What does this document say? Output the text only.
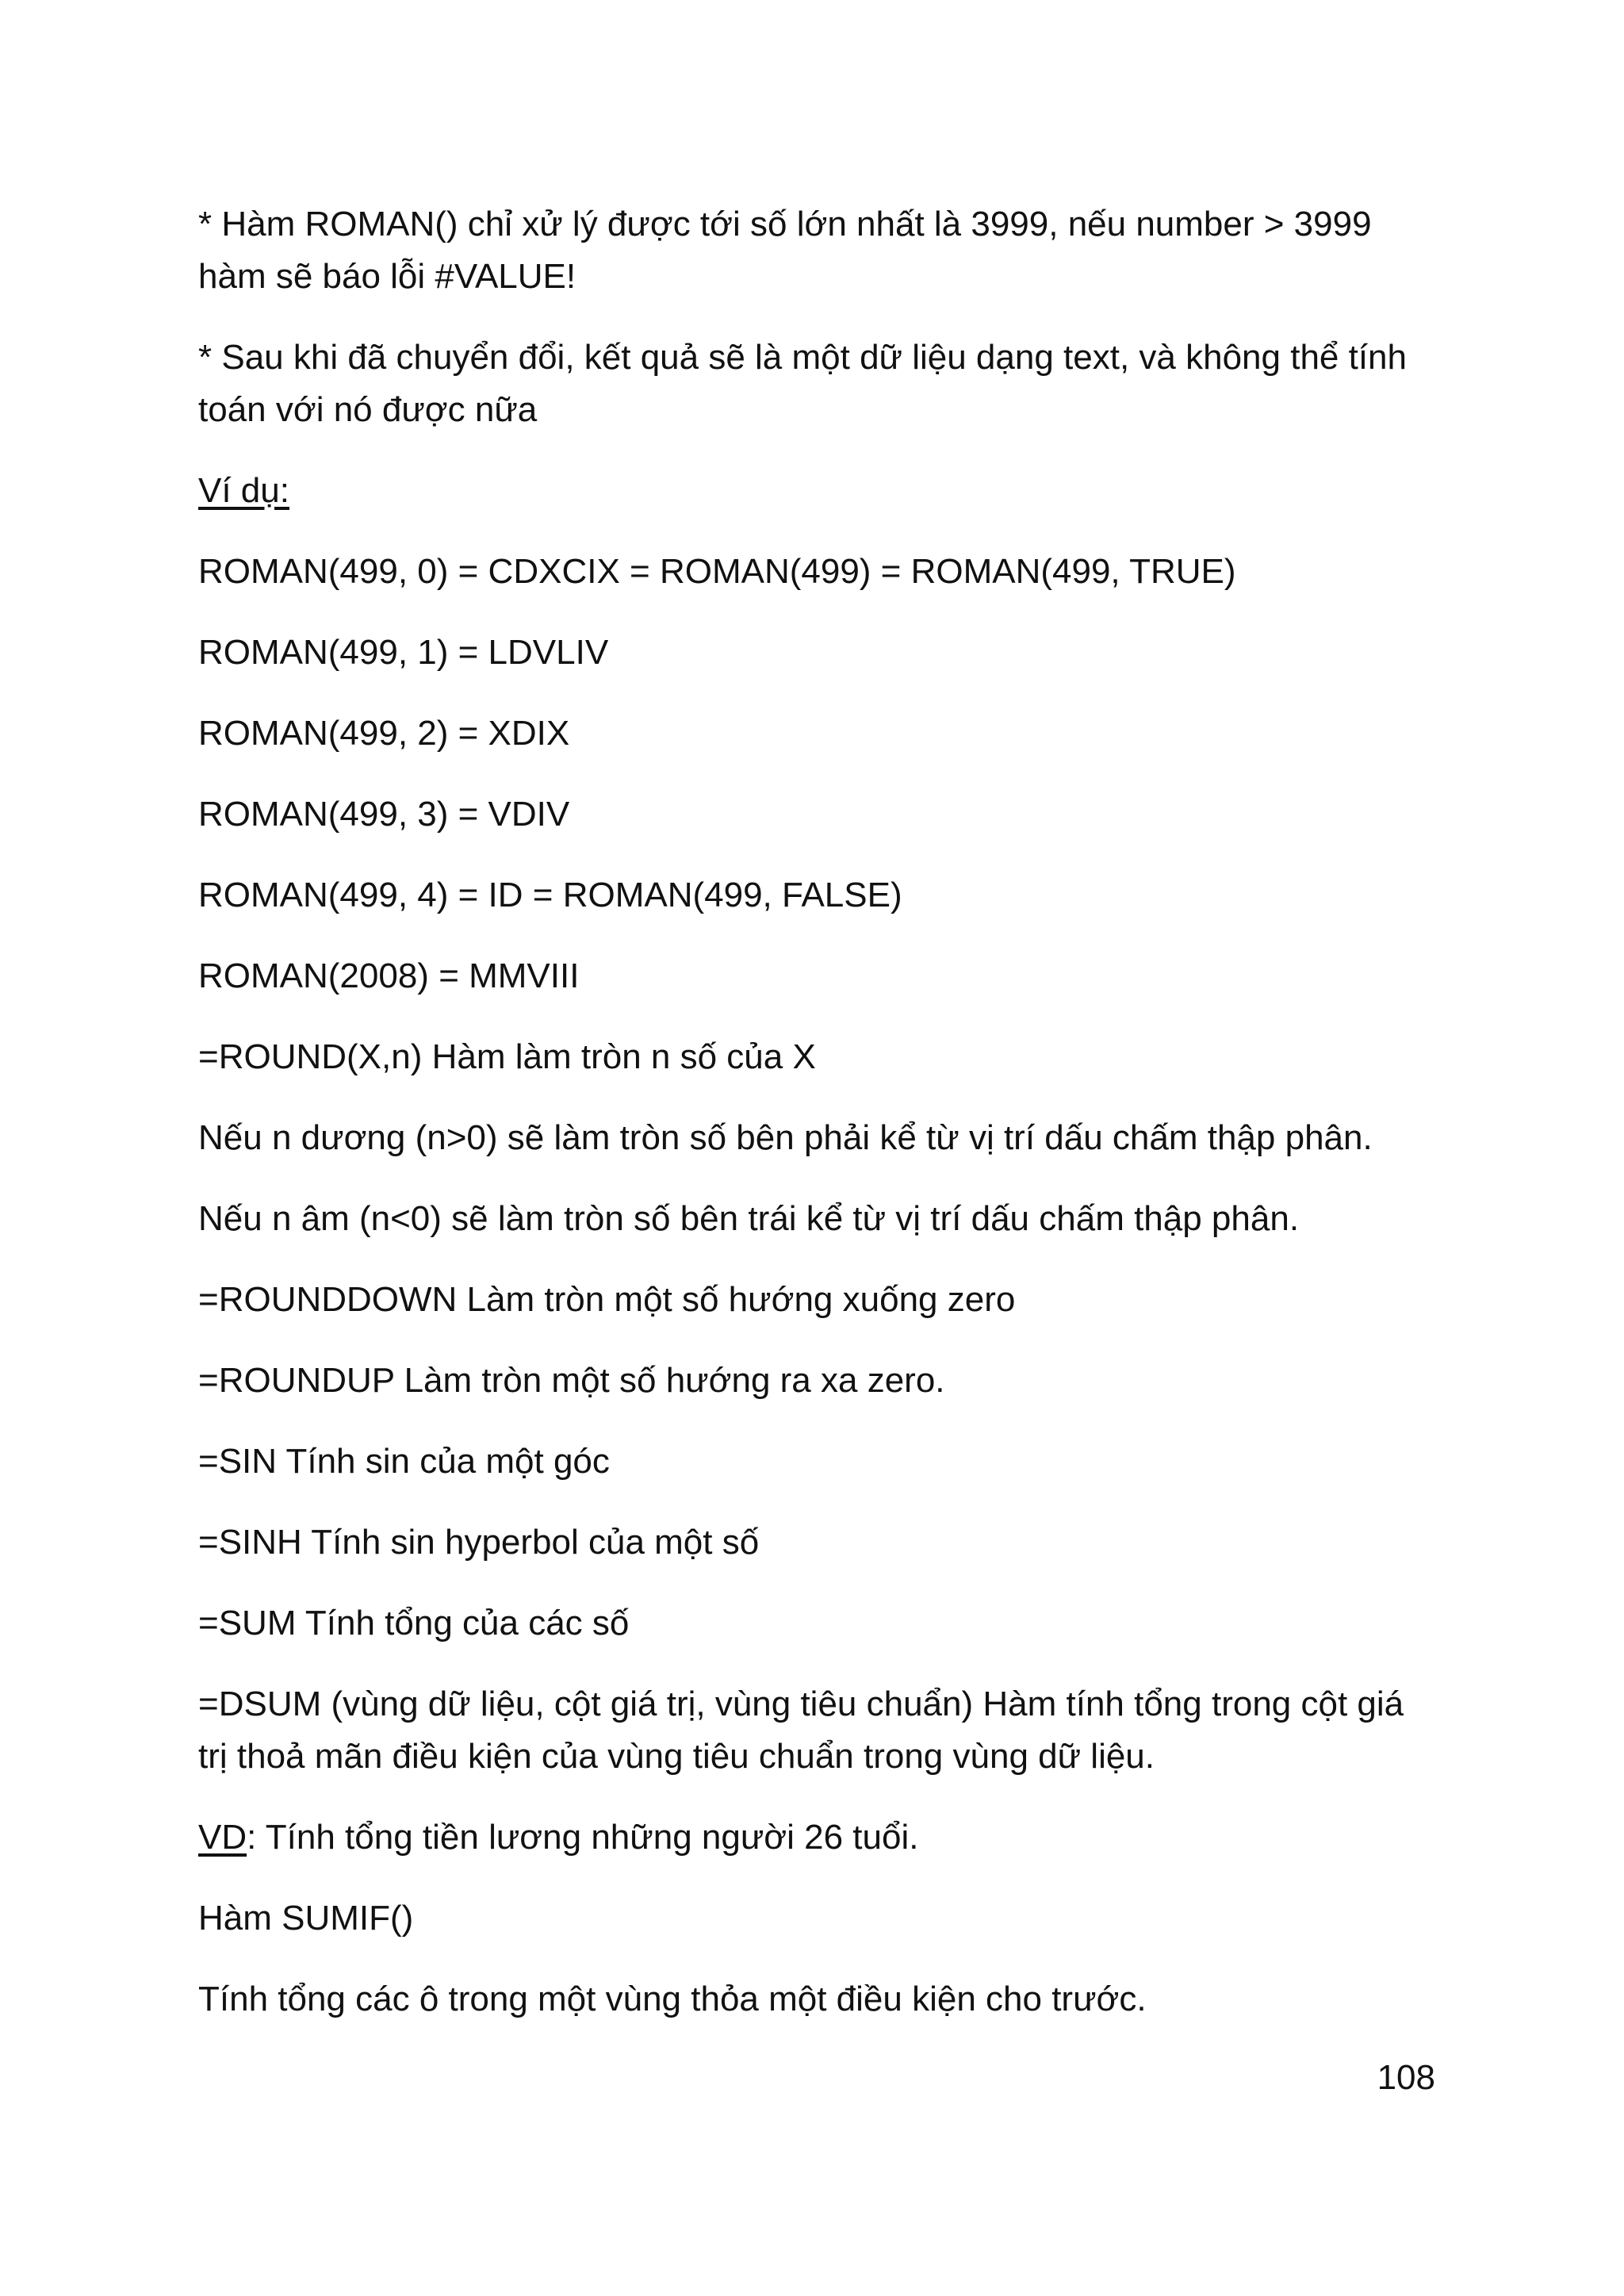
* Hàm ROMAN() chỉ xử lý được tới số lớn nhất là 3999, nếu number > 3999 hàm sẽ báo lỗi #VALUE!

* Sau khi đã chuyển đổi, kết quả sẽ là một dữ liệu dạng text, và không thể tính toán với nó được nữa

Ví dụ:

ROMAN(499, 0) = CDXCIX = ROMAN(499) = ROMAN(499, TRUE)

ROMAN(499, 1) = LDVLIV

ROMAN(499, 2) = XDIX

ROMAN(499, 3) = VDIV

ROMAN(499, 4) = ID = ROMAN(499, FALSE)

ROMAN(2008) = MMVIII

=ROUND(X,n) Hàm làm tròn n số của X

Nếu n dương (n>0) sẽ làm tròn số bên phải kể từ vị trí dấu chấm thập phân.

Nếu n âm (n<0) sẽ làm tròn số bên trái kể từ vị trí dấu chấm thập phân.

=ROUNDDOWN Làm tròn một số hướng xuống zero

=ROUNDUP Làm tròn một số hướng ra xa zero.

=SIN Tính sin của một góc

=SINH Tính sin hyperbol của một số

=SUM Tính tổng của các số

=DSUM (vùng dữ liệu, cột giá trị, vùng tiêu chuẩn) Hàm tính tổng trong cột giá trị thoả mãn điều kiện của vùng tiêu chuẩn trong vùng dữ liệu.

VD: Tính tổng tiền lương những người 26 tuổi.

Hàm SUMIF()

Tính tổng các ô trong một vùng thỏa một điều kiện cho trước.

108
